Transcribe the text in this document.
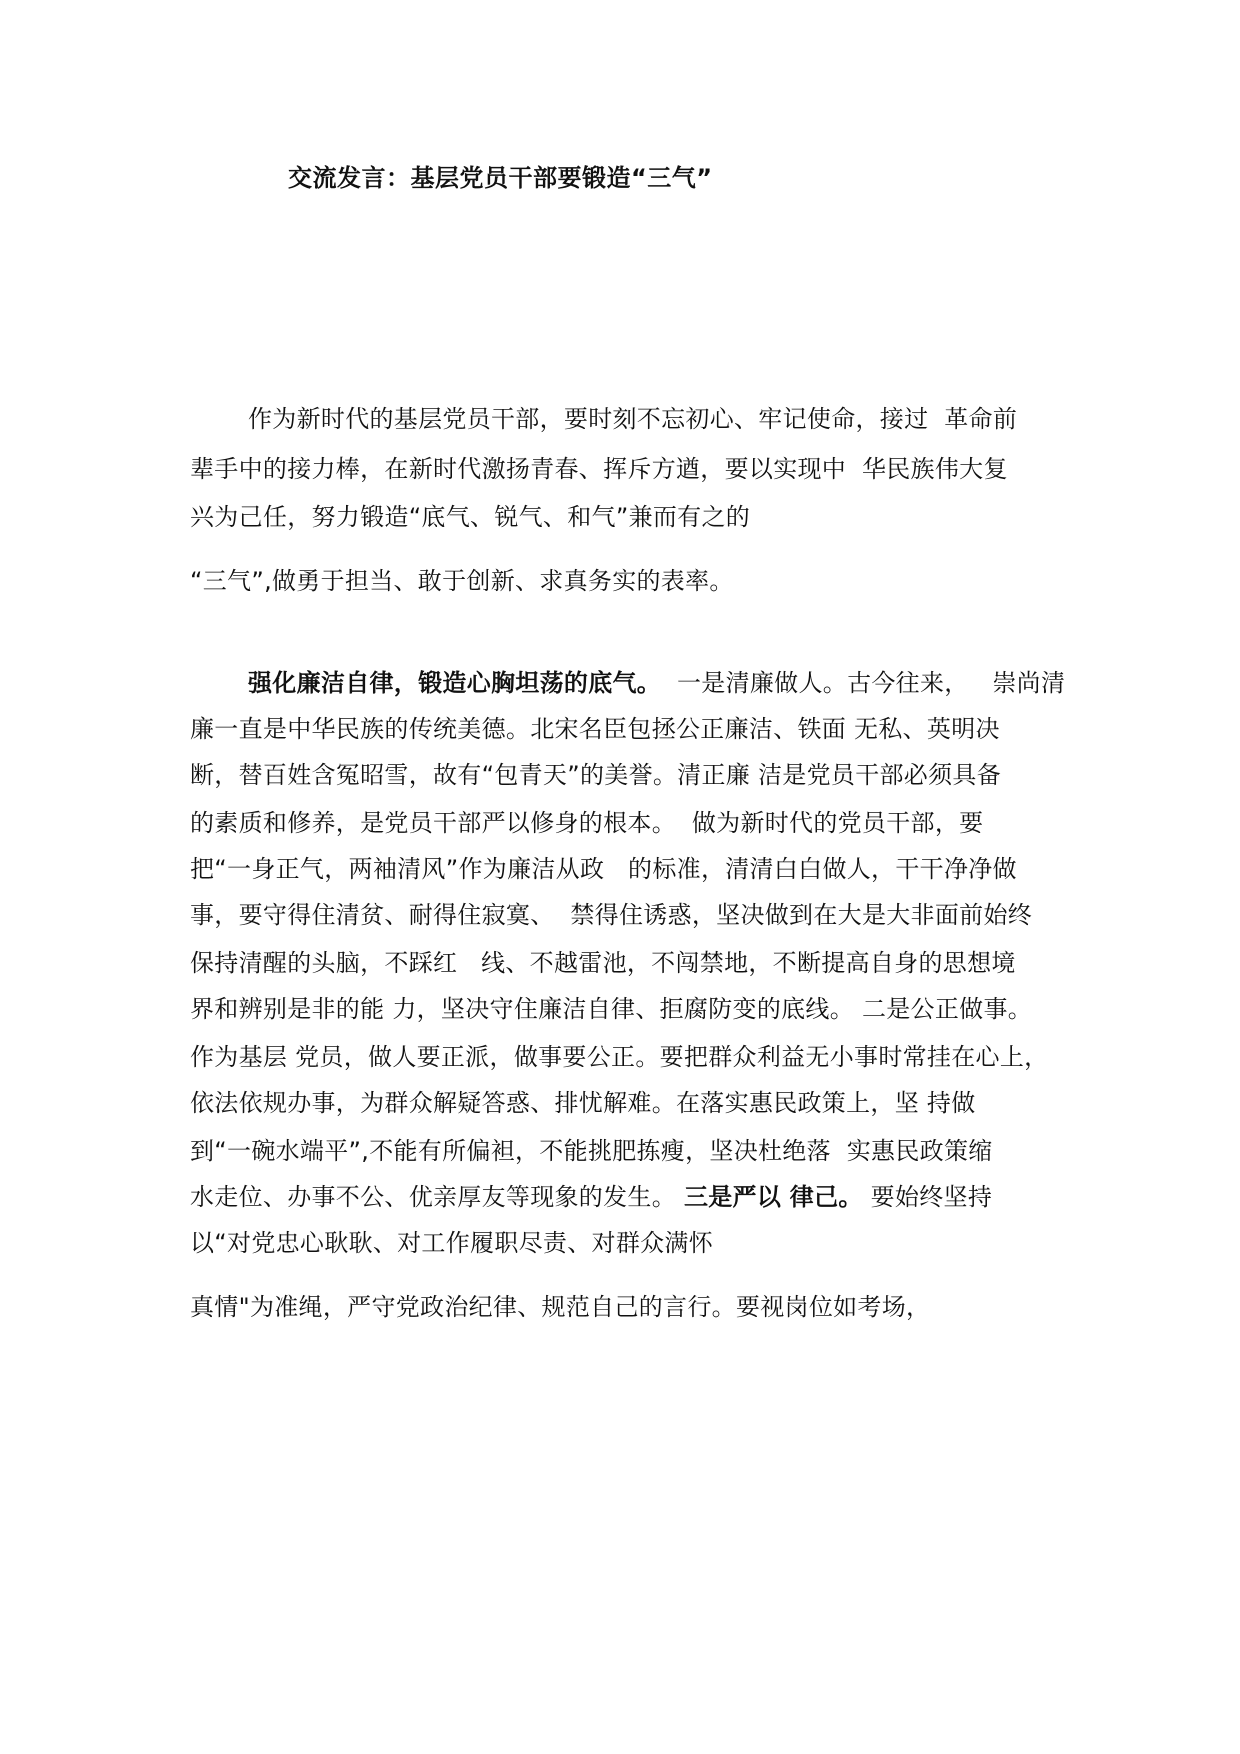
交流发言：基层党员干部要锻造“三气”
作为新时代的基层党员干部，要时刻不忘初心、牢记使命，接过  革命前
辈手中的接力棒，在新时代激扬青春、挥斥方遒，要以实现中  华民族伟大复
兴为己任，努力锻造“底气、锐气、和气”兼而有之的
“三气”,做勇于担当、敢于创新、求真务实的表率。
强化廉洁自律，锻造心胸坦荡的底气。  一是清廉做人。古今往来，   崇尚清
廉一直是中华民族的传统美德。北宋名臣包拯公正廉洁、铁面 无私、英明决
断，替百姓含冤昭雪，故有“包青天”的美誉。清正廉 洁是党员干部必须具备
的素质和修养，是党员干部严以修身的根本。  做为新时代的党员干部，要
把“一身正气，两袖清风”作为廉洁从政   的标准，清清白白做人，干干净净做
事，要守得住清贫、耐得住寂寞、  禁得住诱惑，坚决做到在大是大非面前始终
保持清醒的头脑，不踩红   线、不越雷池，不闯禁地，不断提高自身的思想境
界和辨别是非的能 力，坚决守住廉洁自律、拒腐防变的底线。 二是公正做事。
作为基层 党员，做人要正派，做事要公正。要把群众利益无小事时常挂在心上，
依法依规办事，为群众解疑答惑、排忧解难。在落实惠民政策上，坚 持做
到“一碗水端平”,不能有所偏袒，不能挑肥拣瘦，坚决杜绝落  实惠民政策缩
水走位、办事不公、优亲厚友等现象的发生。 三是严以 律己。 要始终坚持
以“对党忠心耿耿、对工作履职尽责、对群众满怀
真情"为准绳，严守党政治纪律、规范自己的言行。要视岗位如考场，
